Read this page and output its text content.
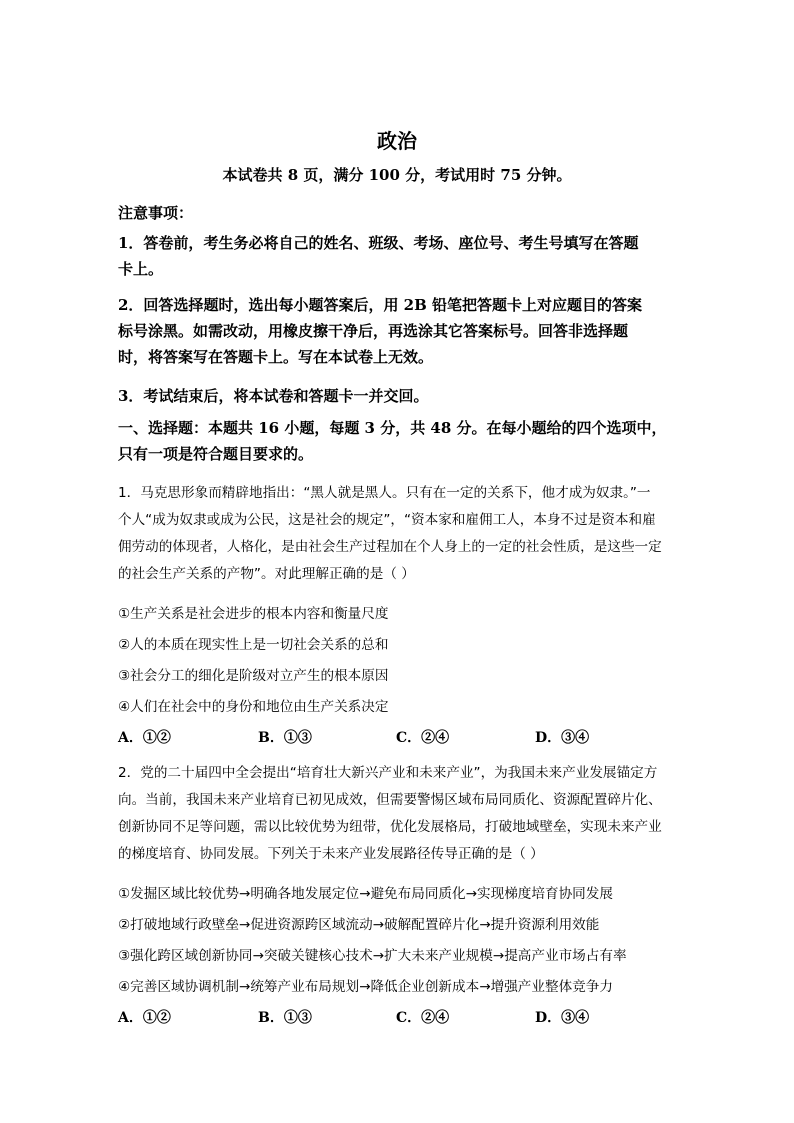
政治
本试卷共 8 页，满分 100 分，考试用时 75 分钟。
注意事项：
1．答卷前，考生务必将自己的姓名、班级、考场、座位号、考生号填写在答题
卡上。
2．回答选择题时，选出每小题答案后，用 2B 铅笔把答题卡上对应题目的答案
标号涂黑。如需改动，用橡皮擦干净后，再选涂其它答案标号。回答非选择题
时，将答案写在答题卡上。写在本试卷上无效。
3．考试结束后，将本试卷和答题卡一并交回。
一、选择题：本题共 16 小题，每题 3 分，共 48 分。在每小题给的四个选项中，
只有一项是符合题目要求的。
1．马克思形象而精辟地指出：“黑人就是黑人。只有在一定的关系下，他才成为奴隶。”一
个人“成为奴隶或成为公民，这是社会的规定”，“资本家和雇佣工人，本身不过是资本和雇
佣劳动的体现者，人格化，是由社会生产过程加在个人身上的一定的社会性质，是这些一定
的社会生产关系的产物”。对此理解正确的是（ ）
①生产关系是社会进步的根本内容和衡量尺度
②人的本质在现实性上是一切社会关系的总和
③社会分工的细化是阶级对立产生的根本原因
④人们在社会中的身份和地位由生产关系决定
A．①②	B．①③	C．②④	D．③④
2．党的二十届四中全会提出“培育壮大新兴产业和未来产业”，为我国未来产业发展锚定方
向。当前，我国未来产业培育已初见成效，但需要警惕区域布局同质化、资源配置碎片化、
创新协同不足等问题，需以比较优势为纽带，优化发展格局，打破地域壁垒，实现未来产业
的梯度培育、协同发展。下列关于未来产业发展路径传导正确的是（ ）
①发掘区域比较优势→明确各地发展定位→避免布局同质化→实现梯度培育协同发展
②打破地域行政壁垒→促进资源跨区域流动→破解配置碎片化→提升资源利用效能
③强化跨区域创新协同→突破关键核心技术→扩大未来产业规模→提高产业市场占有率
④完善区域协调机制→统筹产业布局规划→降低企业创新成本→增强产业整体竞争力
A．①②	B．①③	C．②④	D．③④
